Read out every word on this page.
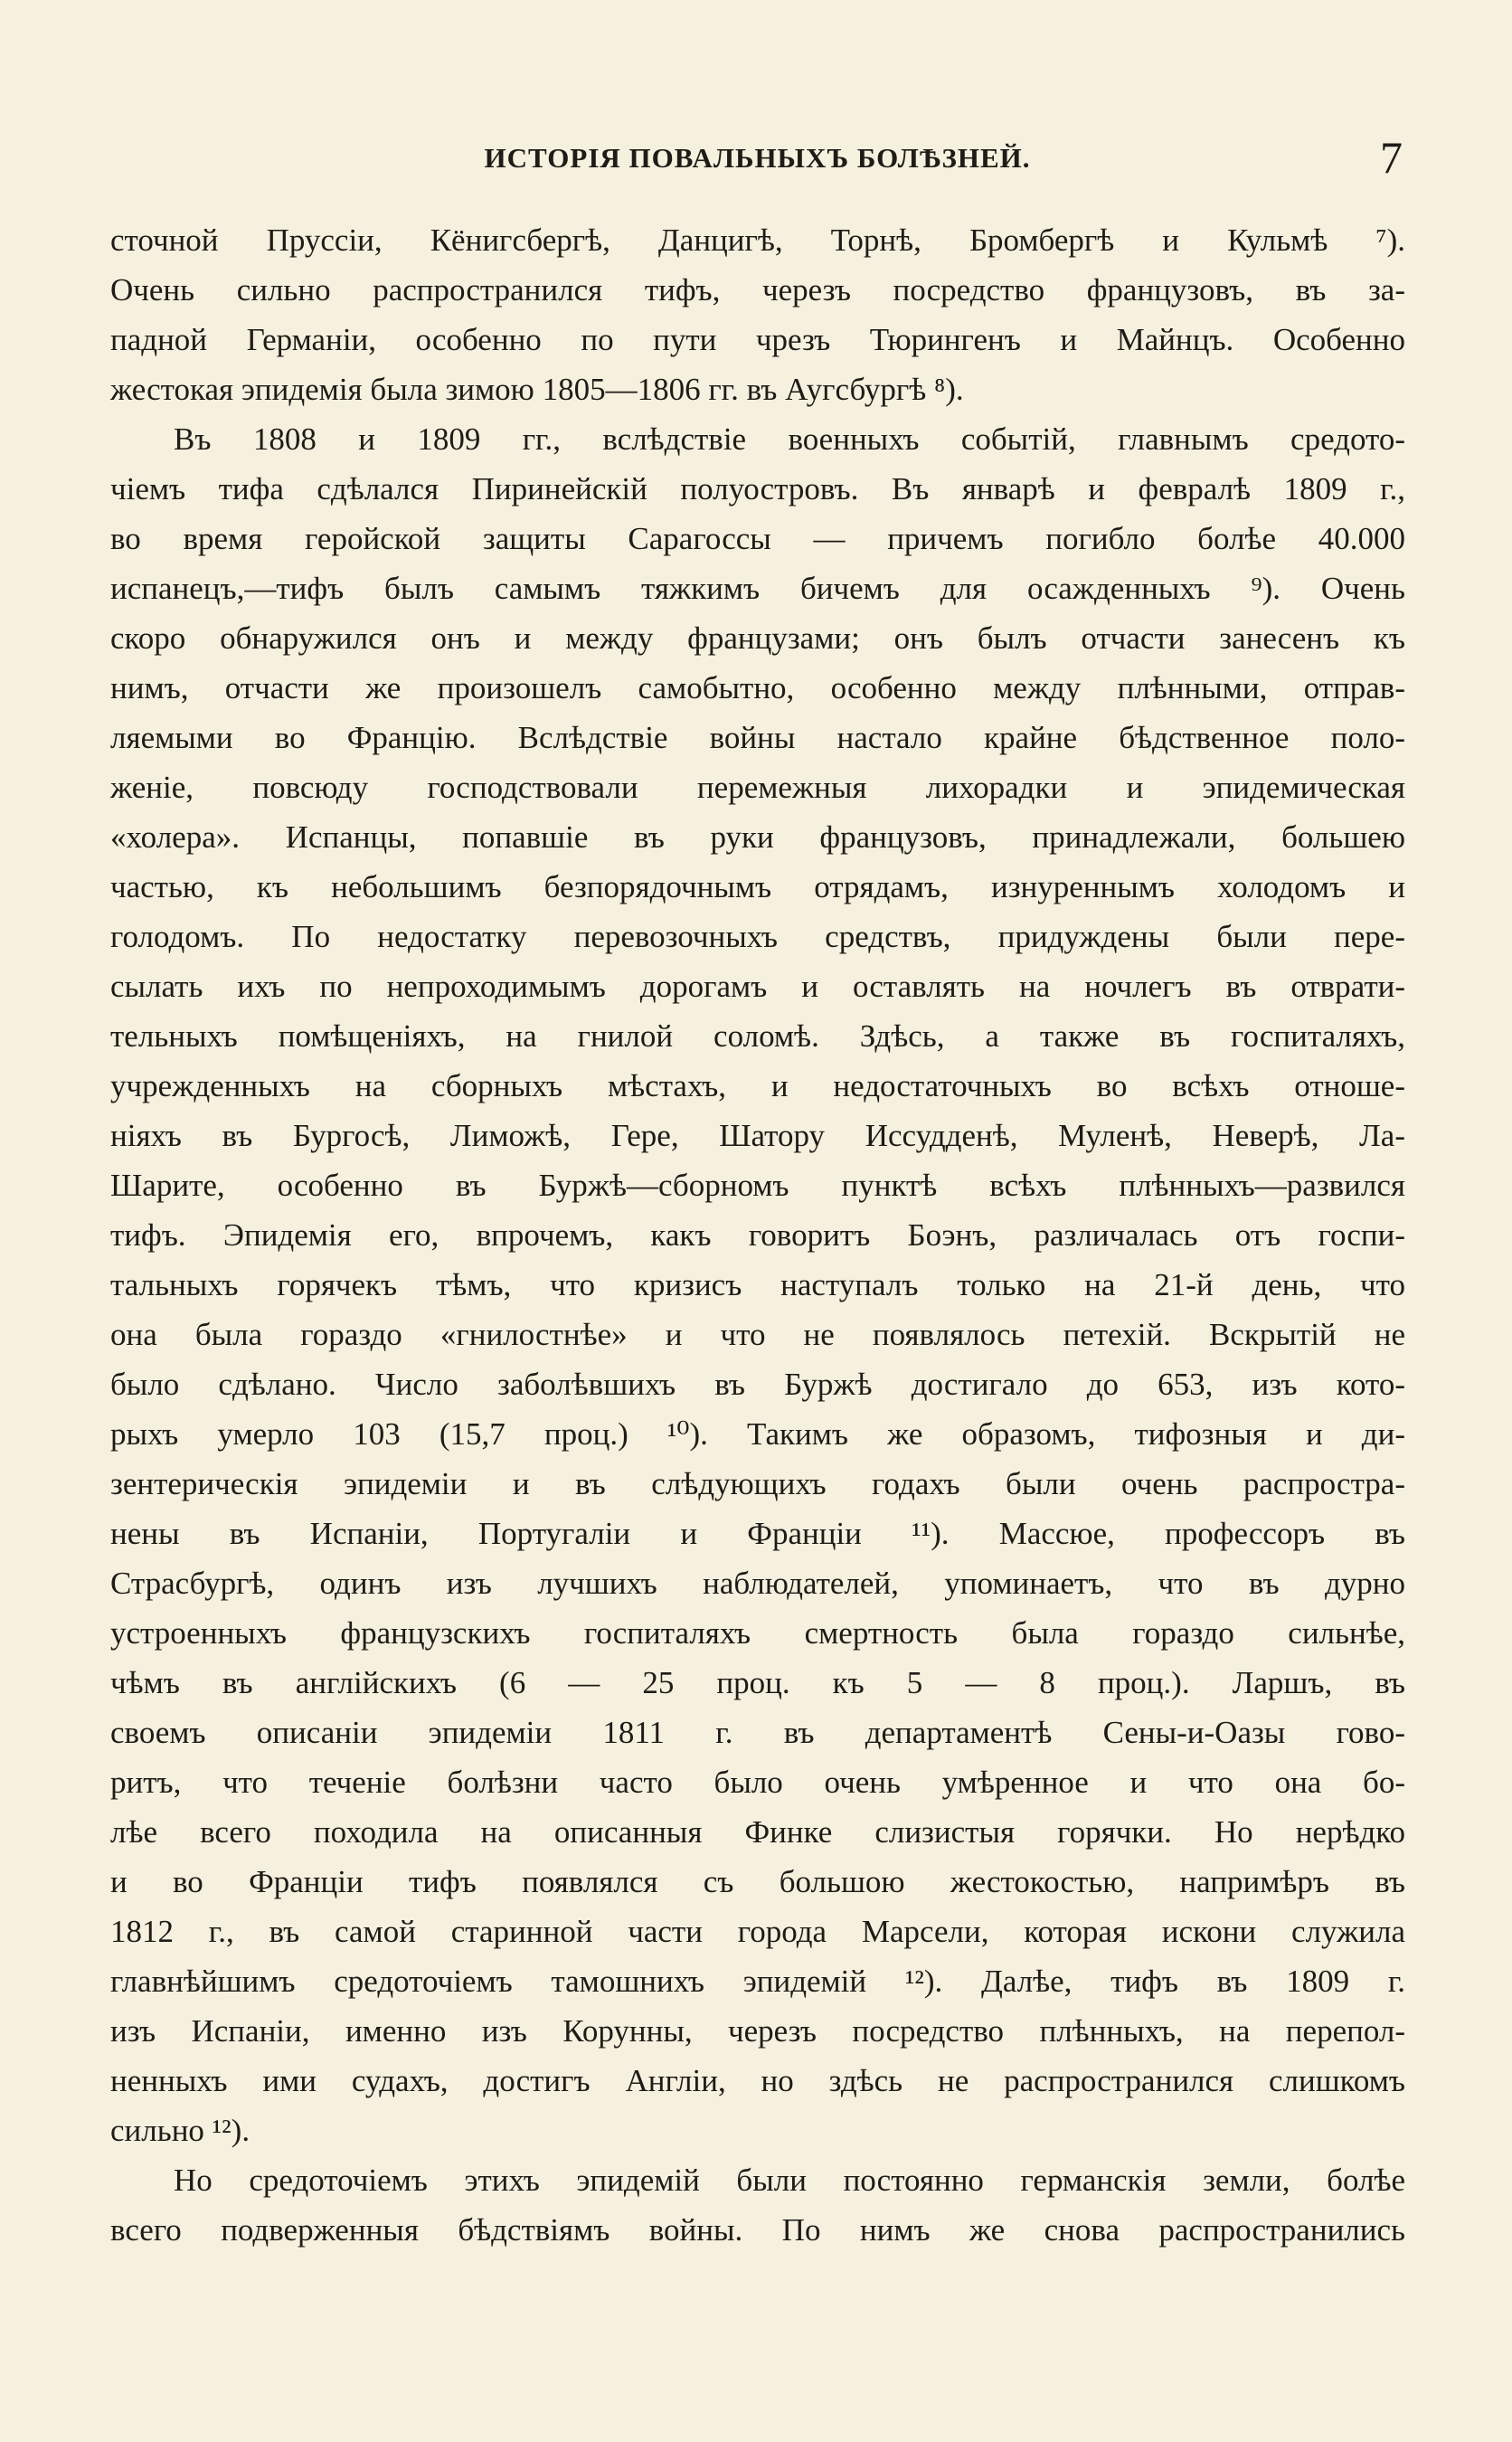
ИСТОРІЯ ПОВАЛЬНЫХЪ БОЛѢЗНЕЙ.	7
сточной Пруссіи, Кёнигсбергѣ, Данцигѣ, Торнѣ, Бромбергѣ и Кульмѣ ⁷).
Очень сильно распространился тифъ, черезъ посредство французовъ, въ за-
падной Германіи, особенно по пути чрезъ Тюрингенъ и Майнцъ. Особенно
жестокая эпидемія была зимою 1805—1806 гг. въ Аугсбургѣ ⁸).
Въ 1808 и 1809 гг., вслѣдствіе военныхъ событій, главнымъ средото-
чіемъ тифа сдѣлался Пиринейскій полуостровъ. Въ январѣ и февралѣ 1809 г.,
во время геройской защиты Сарагоссы — причемъ погибло болѣе 40.000
испанецъ,—тифъ былъ самымъ тяжкимъ бичемъ для осажденныхъ ⁹). Очень
скоро обнаружился онъ и между французами; онъ былъ отчасти занесенъ къ
нимъ, отчасти же произошелъ самобытно, особенно между плѣнными, отправ-
ляемыми во Францію. Вслѣдствіе войны настало крайне бѣдственное поло-
женіе, повсюду господствовали перемежныя лихорадки и эпидемическая
«холера». Испанцы, попавшіе въ руки французовъ, принадлежали, большею
частью, къ небольшимъ безпорядочнымъ отрядамъ, изнуреннымъ холодомъ и
голодомъ. По недостатку перевозочныхъ средствъ, придуждены были пере-
сылать ихъ по непроходимымъ дорогамъ и оставлять на ночлегъ въ отврати-
тельныхъ помѣщеніяхъ, на гнилой соломѣ. Здѣсь, а также въ госпиталяхъ,
учрежденныхъ на сборныхъ мѣстахъ, и недостаточныхъ во всѣхъ отноше-
ніяхъ въ Бургосѣ, Лиможѣ, Гере, Шатору Иссудденѣ, Муленѣ, Неверѣ, Ла-
Шарите, особенно въ Буржѣ—сборномъ пунктѣ всѣхъ плѣнныхъ—развился
тифъ. Эпидемія его, впрочемъ, какъ говоритъ Боэнъ, различалась отъ госпи-
тальныхъ горячекъ тѣмъ, что кризисъ наступалъ только на 21-й день, что
она была гораздо «гнилостнѣе» и что не появлялось петехій. Вскрытій не
было сдѣлано. Число заболѣвшихъ въ Буржѣ достигало до 653, изъ кото-
рыхъ умерло 103 (15,7 проц.) ¹⁰). Такимъ же образомъ, тифозныя и ди-
зентерическія эпидеміи и въ слѣдующихъ годахъ были очень распростра-
нены въ Испаніи, Португаліи и Франціи ¹¹). Массюе, профессоръ въ
Страсбургѣ, одинъ изъ лучшихъ наблюдателей, упоминаетъ, что въ дурно
устроенныхъ французскихъ госпиталяхъ смертность была гораздо сильнѣе,
чѣмъ въ англійскихъ (6 — 25 проц. къ 5 — 8 проц.). Ларшъ, въ
своемъ описаніи эпидеміи 1811 г. въ департаментѣ Сены-и-Оазы гово-
ритъ, что теченіе болѣзни часто было очень умѣренное и что она бо-
лѣе всего походила на описанныя Финке слизистыя горячки. Но нерѣдко
и во Франціи тифъ появлялся съ большою жестокостью, напримѣръ въ
1812 г., въ самой старинной части города Марсели, которая искони служила
главнѣйшимъ средоточіемъ тамошнихъ эпидемій ¹²). Далѣе, тифъ въ 1809 г.
изъ Испаніи, именно изъ Корунны, черезъ посредство плѣнныхъ, на перепол-
ненныхъ ими судахъ, достигъ Англіи, но здѣсь не распространился слишкомъ
сильно ¹²).
Но средоточіемъ этихъ эпидемій были постоянно германскія земли, болѣе
всего подверженныя бѣдствіямъ войны. По нимъ же снова распространились
